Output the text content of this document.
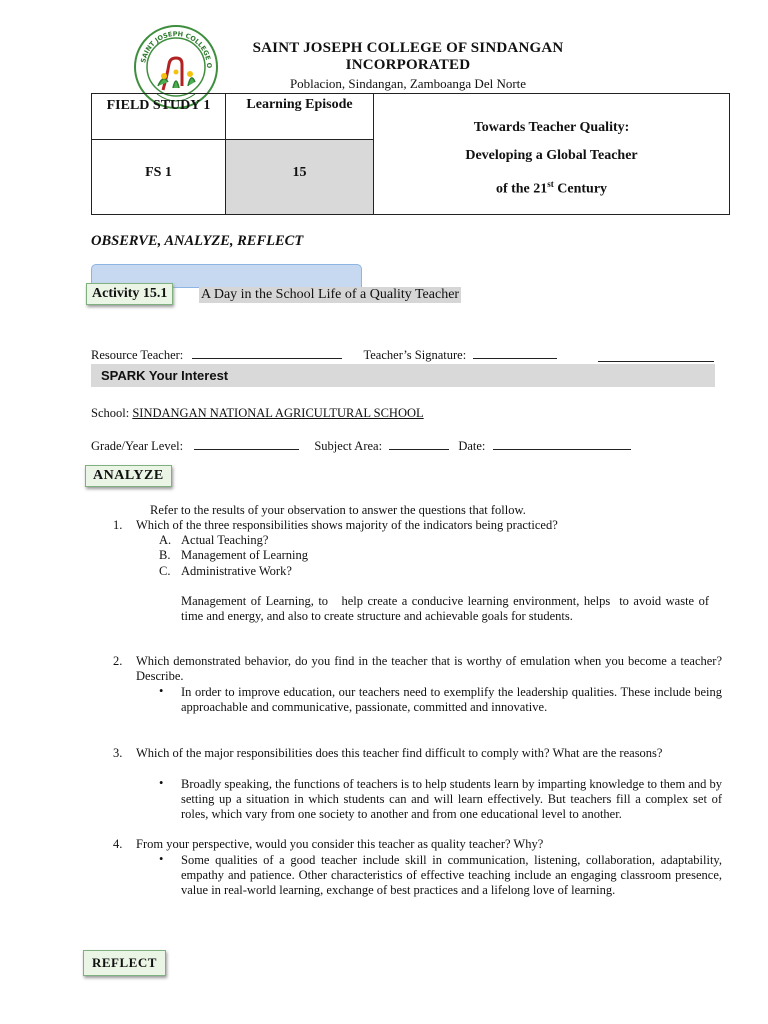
SAINT JOSEPH COLLEGE O
SAINT JOSEPH COLLEGE OF SINDANGAN
INCORPORATED
Poblacion, Sindangan, Zamboanga Del Norte
FIELD STUDY 1	Learning Episode
FS 1	15
Towards Teacher Quality:
Developing a Global Teacher
of the 21st Century
OBSERVE, ANALYZE, REFLECT
Activity 15.1	A Day in the School Life of a Quality Teacher
Resource Teacher:	Teacher’s Signature:
SPARK Your Interest
School: SINDANGAN NATIONAL AGRICULTURAL SCHOOL
Grade/Year Level:	Subject Area:	Date:
ANALYZE
Refer to the results of your observation to answer the questions that follow.
1. Which of the three responsibilities shows majority of the indicators being practiced?
A. Actual Teaching?
B. Management of Learning
C. Administrative Work?
Management of Learning, to   help create a conducive learning environment, helps  to avoid waste of time and energy, and also to create structure and achievable goals for students.
2. Which demonstrated behavior, do you find in the teacher that is worthy of emulation when you become a teacher? Describe.
• In order to improve education, our teachers need to exemplify the leadership qualities. These include being approachable and communicative, passionate, committed and innovative.
3. Which of the major responsibilities does this teacher find difficult to comply with? What are the reasons?
• Broadly speaking, the functions of teachers is to help students learn by imparting knowledge to them and by setting up a situation in which students can and will learn effectively. But teachers fill a complex set of roles, which vary from one society to another and from one educational level to another.
4. From your perspective, would you consider this teacher as quality teacher? Why?
• Some qualities of a good teacher include skill in communication, listening, collaboration, adaptability, empathy and patience. Other characteristics of effective teaching include an engaging classroom presence, value in real-world learning, exchange of best practices and a lifelong love of learning.
REFLECT
